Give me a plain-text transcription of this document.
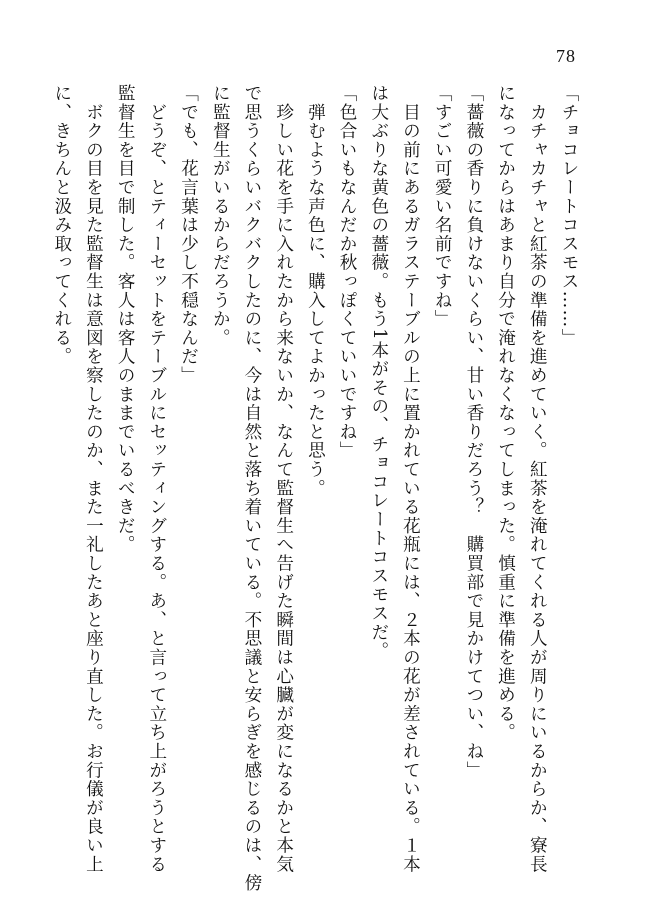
78
「チョコレートコスモス……」
　カチャカチャと紅茶の準備を進めていく。紅茶を淹れてくれる人が周りにいるからか、寮長
になってからはあまり自分で淹れなくなってしまった。慎重に準備を進める。
「薔薇の香りに負けないくらい、甘い香りだろう？　購買部で見かけてつい、ね」
「すごい可愛い名前ですね」
　目の前にあるガラステーブルの上に置かれている花瓶には、２本の花が差されている。１本
は大ぶりな黄色の薔薇。もう1本がその、チョコレートコスモスだ。
「色合いもなんだか秋っぽくていいですね」
　弾むような声色に、購入してよかったと思う。
　珍しい花を手に入れたから来ないか、なんて監督生へ告げた瞬間は心臓が変になるかと本気
で思うくらいバクバクしたのに、今は自然と落ち着いている。不思議と安らぎを感じるのは、傍
に監督生がいるからだろうか。
「でも、花言葉は少し不穏なんだ」
　どうぞ、とティーセットをテーブルにセッティングする。あ、と言って立ち上がろうとする
監督生を目で制した。客人は客人のままでいるべきだ。
　ボクの目を見た監督生は意図を察したのか、また一礼したあと座り直した。お行儀が良い上
に、きちんと汲み取ってくれる。
